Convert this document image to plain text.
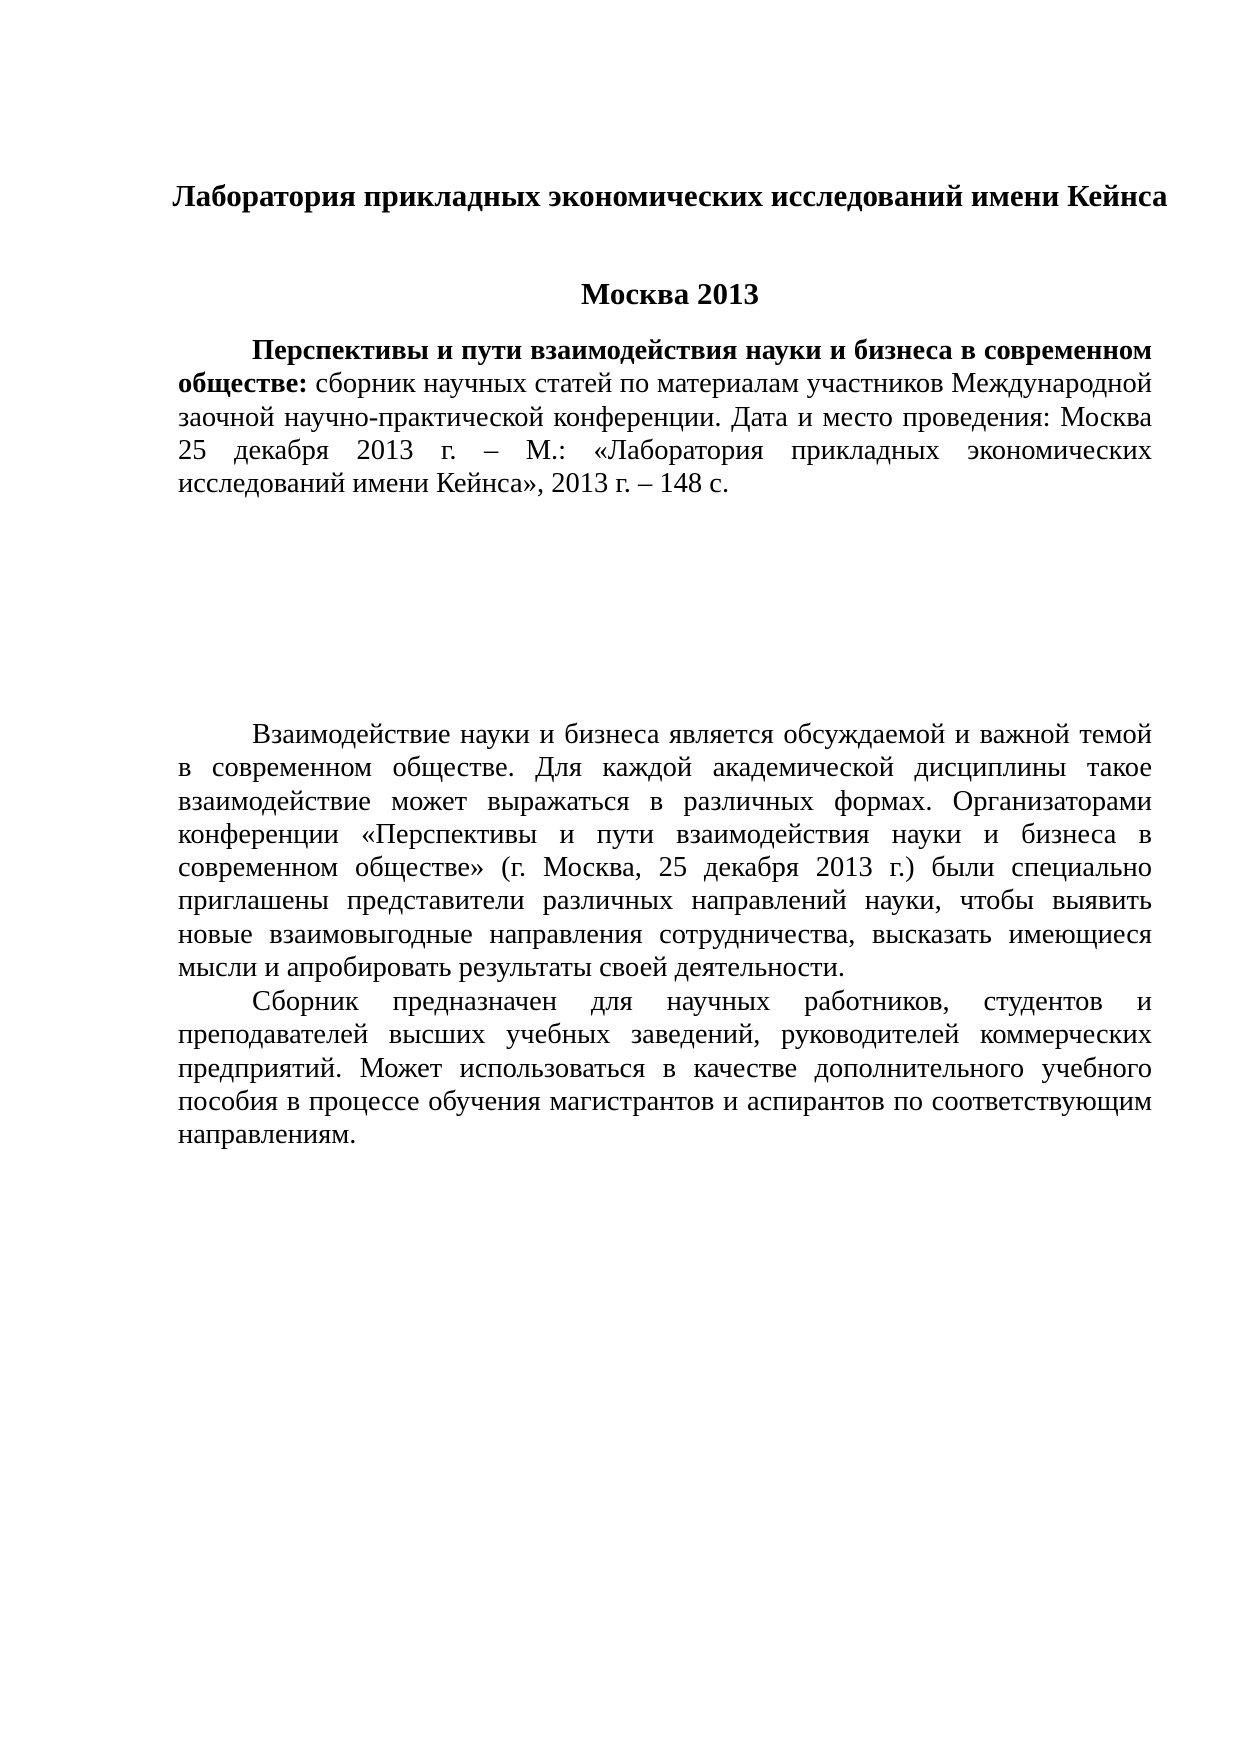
Лаборатория прикладных экономических исследований имени Кейнса
Москва 2013

Перспективы и пути взаимодействия науки и бизнеса в современном обществе: сборник научных статей по материалам участников Международной заочной научно-практической конференции. Дата и место проведения: Москва 25 декабря 2013 г. – М.: «Лаборатория прикладных экономических исследований имени Кейнса», 2013 г. – 148 с.

Взаимодействие науки и бизнеса является обсуждаемой и важной темой в современном обществе. Для каждой академической дисциплины такое взаимодействие может выражаться в различных формах. Организаторами конференции «Перспективы и пути взаимодействия науки и бизнеса в современном обществе» (г. Москва, 25 декабря 2013 г.) были специально приглашены представители различных направлений науки, чтобы выявить новые взаимовыгодные направления сотрудничества, высказать имеющиеся мысли и апробировать результаты своей деятельности.

Сборник предназначен для научных работников, студентов и преподавателей высших учебных заведений, руководителей коммерческих предприятий. Может использоваться в качестве дополнительного учебного пособия в процессе обучения магистрантов и аспирантов по соответствующим направлениям.
